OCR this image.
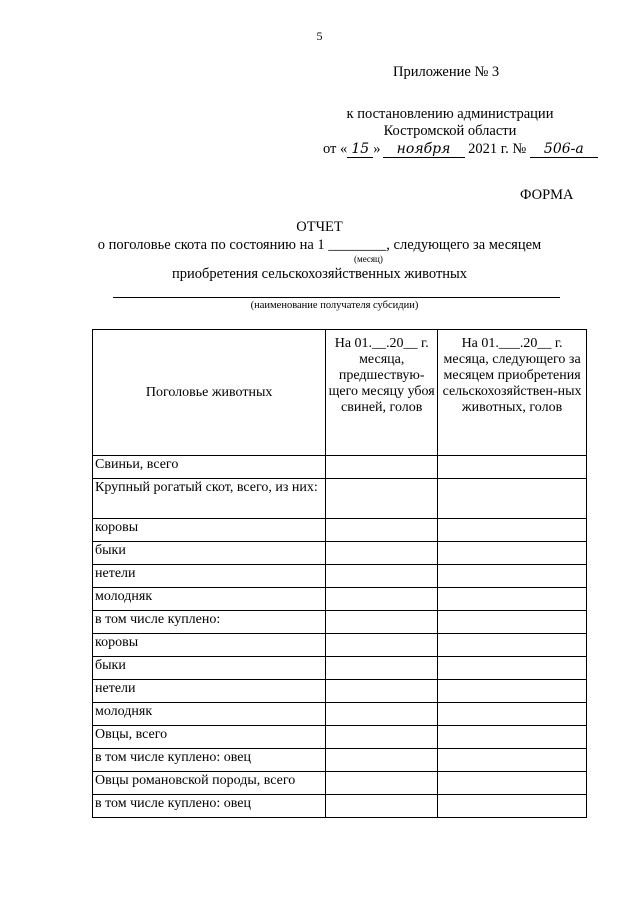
5
Приложение № 3
к постановлению администрации
Костромской области
от « 15 » ноября 2021 г. № 506-а
ФОРМА
ОТЧЕТ
о поголовье скота по состоянию на 1 ________, следующего за месяцем
(месяц)
приобретения сельскохозяйственных животных
(наименование получателя субсидии)
Поголовье животных	На 01.__.20__ г. месяца, предшествую-щего месяцу убоя свиней, голов	На 01.___.20__ г. месяца, следующего за месяцем приобретения сельскохозяйствен-ных животных, голов
Свиньи, всего		
Крупный рогатый скот, всего, из них:		
коровы		
быки		
нетели		
молодняк		
в том числе куплено:		
коровы		
быки		
нетели		
молодняк		
Овцы, всего		
в том числе куплено: овец		
Овцы романовской породы, всего		
в том числе куплено: овец		
